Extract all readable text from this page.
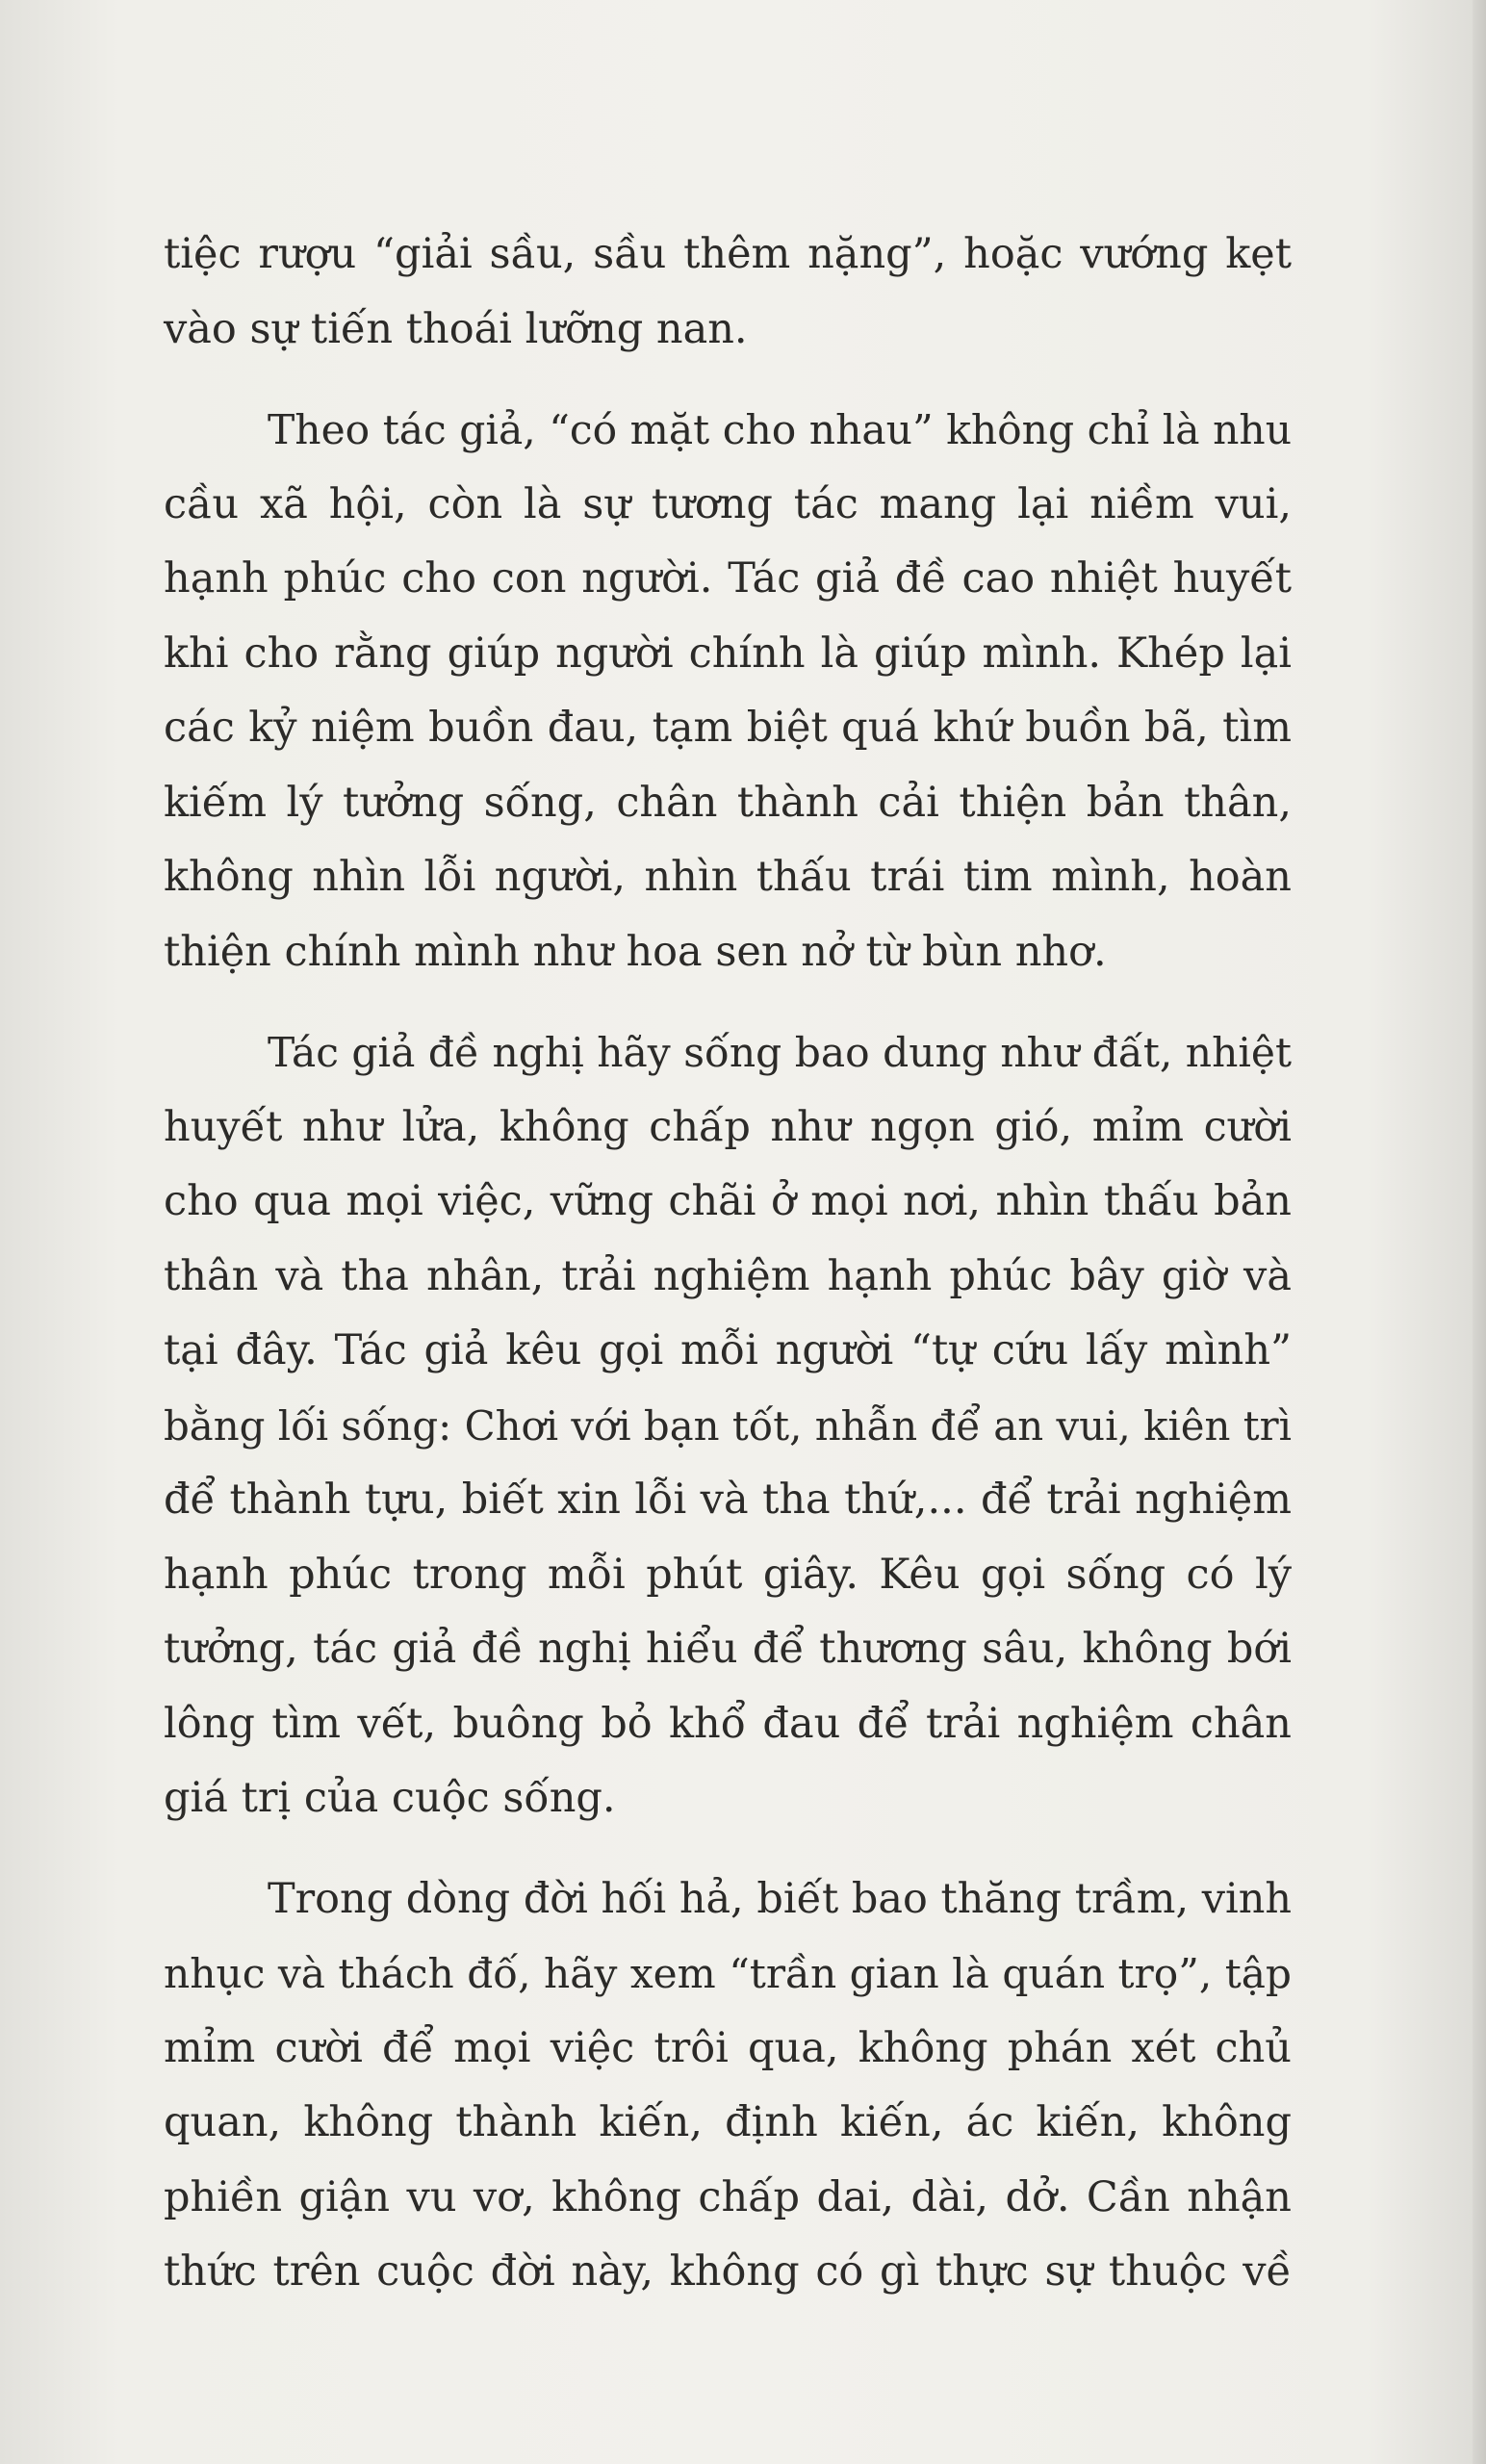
tiệc rượu “giải sầu, sầu thêm nặng”, hoặc vướng kẹt
vào sự tiến thoái lưỡng nan.
Theo tác giả, “có mặt cho nhau” không chỉ là nhu
cầu xã hội, còn là sự tương tác mang lại niềm vui,
hạnh phúc cho con người. Tác giả đề cao nhiệt huyết
khi cho rằng giúp người chính là giúp mình. Khép lại
các kỷ niệm buồn đau, tạm biệt quá khứ buồn bã, tìm
kiếm lý tưởng sống, chân thành cải thiện bản thân,
không nhìn lỗi người, nhìn thấu trái tim mình, hoàn
thiện chính mình như hoa sen nở từ bùn nhơ.
Tác giả đề nghị hãy sống bao dung như đất, nhiệt
huyết như lửa, không chấp như ngọn gió, mỉm cười
cho qua mọi việc, vững chãi ở mọi nơi, nhìn thấu bản
thân và tha nhân, trải nghiệm hạnh phúc bây giờ và
tại đây. Tác giả kêu gọi mỗi người “tự cứu lấy mình”
bằng lối sống: Chơi với bạn tốt, nhẫn để an vui, kiên trì
để thành tựu, biết xin lỗi và tha thứ,... để trải nghiệm
hạnh phúc trong mỗi phút giây. Kêu gọi sống có lý
tưởng, tác giả đề nghị hiểu để thương sâu, không bới
lông tìm vết, buông bỏ khổ đau để trải nghiệm chân
giá trị của cuộc sống.
Trong dòng đời hối hả, biết bao thăng trầm, vinh
nhục và thách đố, hãy xem “trần gian là quán trọ”, tập
mỉm cười để mọi việc trôi qua, không phán xét chủ
quan, không thành kiến, định kiến, ác kiến, không
phiền giận vu vơ, không chấp dai, dài, dở. Cần nhận
thức trên cuộc đời này, không có gì thực sự thuộc về
